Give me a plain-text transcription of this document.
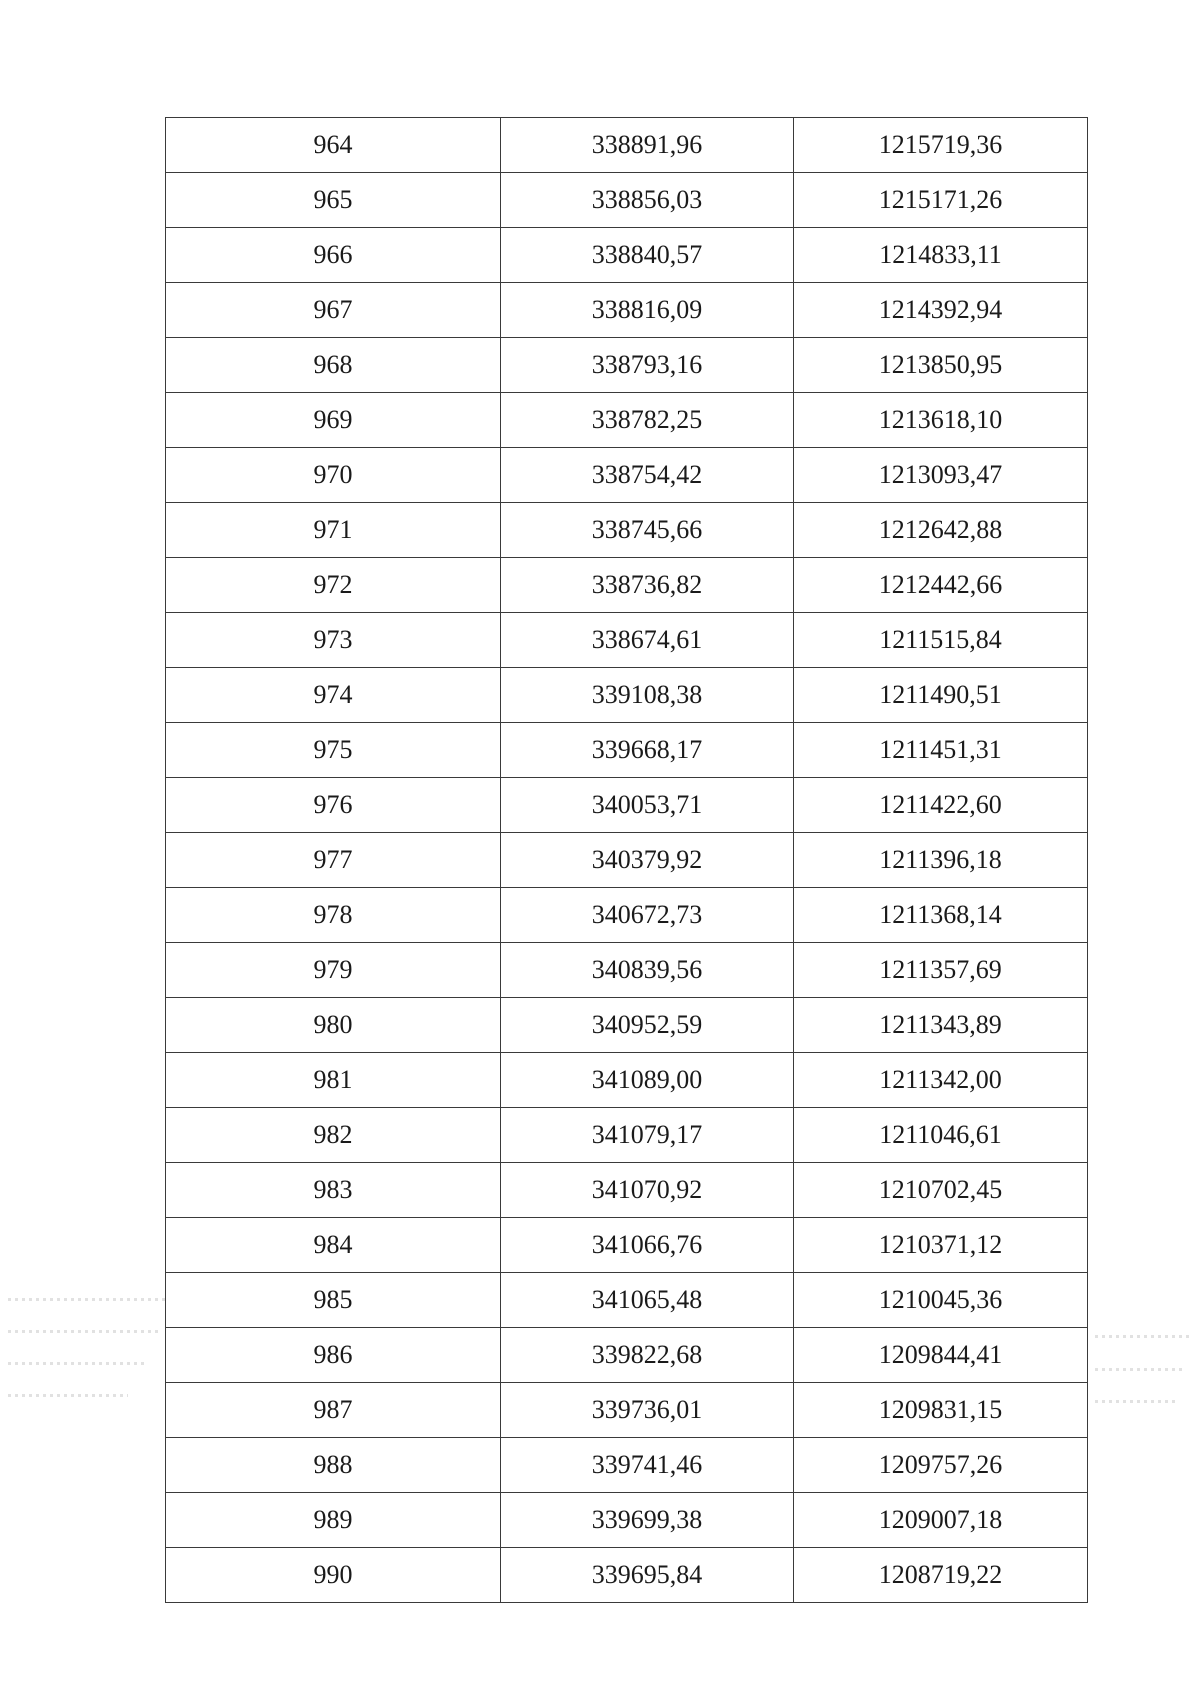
964	338891,96	1215719,36
965	338856,03	1215171,26
966	338840,57	1214833,11
967	338816,09	1214392,94
968	338793,16	1213850,95
969	338782,25	1213618,10
970	338754,42	1213093,47
971	338745,66	1212642,88
972	338736,82	1212442,66
973	338674,61	1211515,84
974	339108,38	1211490,51
975	339668,17	1211451,31
976	340053,71	1211422,60
977	340379,92	1211396,18
978	340672,73	1211368,14
979	340839,56	1211357,69
980	340952,59	1211343,89
981	341089,00	1211342,00
982	341079,17	1211046,61
983	341070,92	1210702,45
984	341066,76	1210371,12
985	341065,48	1210045,36
986	339822,68	1209844,41
987	339736,01	1209831,15
988	339741,46	1209757,26
989	339699,38	1209007,18
990	339695,84	1208719,22
